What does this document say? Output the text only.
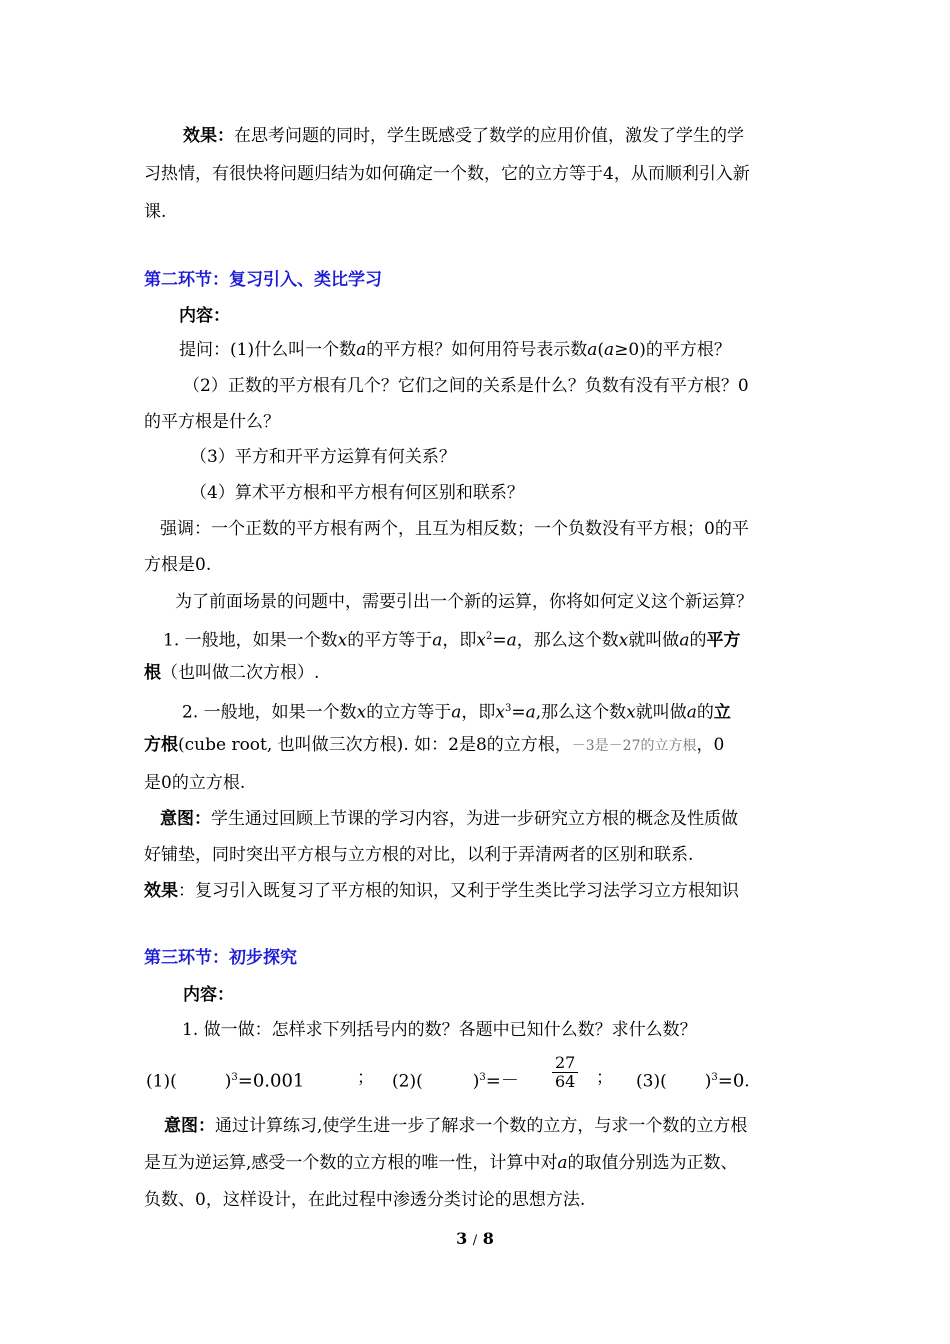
效果：在思考问题的同时，学生既感受了数学的应用价值，激发了学生的学
习热情，有很快将问题归结为如何确定一个数，它的立方等于4，从而顺利引入新
课.
第二环节：复习引入、类比学习
内容：
提问：(1)什么叫一个数a的平方根？如何用符号表示数a(a≥0)的平方根？
（2）正数的平方根有几个？它们之间的关系是什么？负数有没有平方根？0
的平方根是什么？
（3）平方和开平方运算有何关系？
（4）算术平方根和平方根有何区别和联系？
强调：一个正数的平方根有两个，且互为相反数；一个负数没有平方根；0的平
方根是0.
为了前面场景的问题中，需要引出一个新的运算，你将如何定义这个新运算？
1. 一般地，如果一个数x的平方等于a，即$x^2=a$，那么这个数x就叫做a的平方
根（也叫做二次方根）.
2. 一般地，如果一个数x的立方等于a，即$x^3=a$,那么这个数x就叫做a的立
方根(cube root, 也叫做三次方根). 如：2是8的立方根，－3是－27的立方根，0
是0的立方根.
意图：学生通过回顾上节课的学习内容，为进一步研究立方根的概念及性质做
好铺垫，同时突出平方根与立方根的对比，以利于弄清两者的区别和联系.
效果：复习引入既复习了平方根的知识，又利于学生类比学习法学习立方根知识
第三环节：初步探究
内容：
1. 做一做：怎样求下列括号内的数？各题中已知什么数？求什么数？
(1)(	)$^3$=0.001	； (2)(	)$^3=- \frac{27}{64}$ ； (3)( )$^3$=0.
意图：通过计算练习,使学生进一步了解求一个数的立方，与求一个数的立方根
是互为逆运算,感受一个数的立方根的唯一性，计算中对a的取值分别选为正数、
负数、0，这样设计，在此过程中渗透分类讨论的思想方法.
3 / 8
